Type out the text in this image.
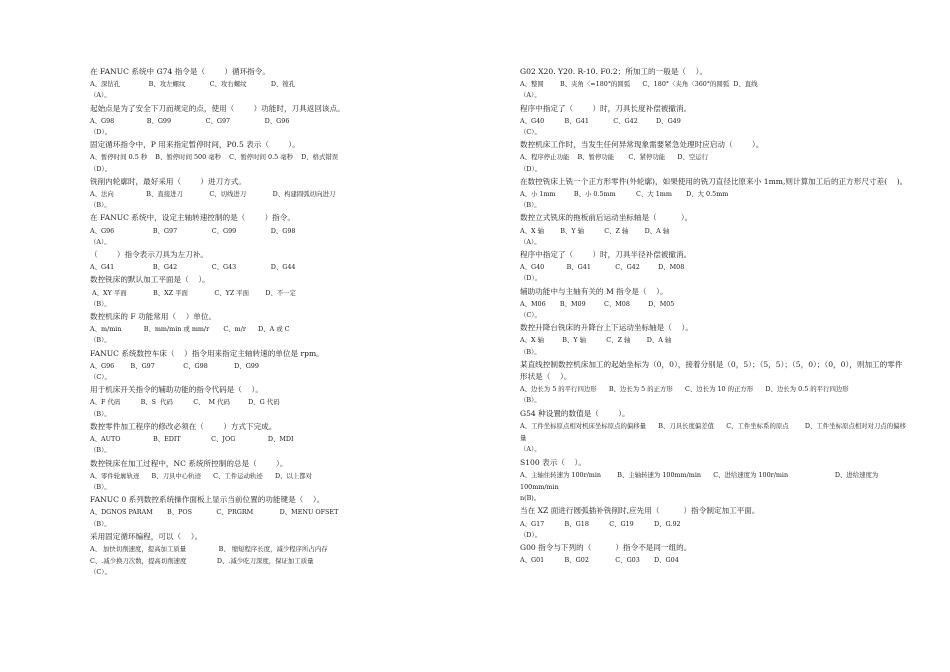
在 FANUC 系统中 G74 指令是（        ）循环指令。
A、深钻孔              B、攻左螺纹            C、攻右螺纹            D、镗孔
（A）。
起始点是为了安全下刀而规定的点，使用（        ）功能时，刀具返回该点。
A、G98                B、G99                 C、G97                 D、G96
（D）。
固定循环指令中，P 用来指定暂停时间，P0.5 表示（        ）。
A、暂停时间 0.5 秒    B、暂停时间 500 毫秒    C、暂停时间 0.5 毫秒    D、格式错误
（D）。
铣削内轮廓时，最好采用（        ）进刀方式。
A、法向                B、直接进刀             C、切线进刀             D、构建圆弧切向进刀
（B）。
在 FANUC 系统中，设定主轴转速控制的是（        ）指令。
A、G96                   B、G97                 C、G99                 D、G98
（A）。
（        ）指令表示刀具为左刀补。
A、G41                   B、G42                 C、G43                 D、G44
数控铣床的默认加工平面是（    ）。
A、XY 平面             B、XZ 平面             C、YZ 平面        D、不一定
（B）。
数控机床的 F 功能常用（    ）单位。
A、m/min           B、mm/min 或 mm/r       C、m/r      D、A 或 C
（B）。
FANUC 系统数控车床（    ）指令用来指定主轴转速的单位是 rpm。
A、G96        B、G97              C、G98             D、G99
（C）。
用于机床开关指令的辅助功能的指令代码是（    ）。
A、F 代码          B、S  代码          C、  M 代码         D、G 代码
（B）。
数控零件加工程序的修改必须在（        ）方式下完成。
A、AUTO                B、EDIT               C、JOG                D、MDI
（B）。
数控铣床在加工过程中，NC 系统所控制的总是（        ）。
A、零件轮廓轨迹      B、刀具中心轨迹      C、工件运动轨迹      D、以上都对
（B）。
FANUC 0 系列数控系统操作面板上显示当前位置的功能键是（    ）。
A、DGNOS PARAM       B、POS            C、PRGRM             D、MENU OFSET
（B）。
采用固定循环编程，可以（    ）。
A、 加快切削速度，提高加工质量                B、 缩短程序长度，减少程序所占内存
C、.减少换刀次数，提高切削速度               D、.减少吃刀深度，保证加工质量
（C）。
G02 X20. Y20. R-10. F0.2；所加工的一般是（    ）。
A、整圆        B、夹角〈=180°的圆弧      C、180°〈夹角〈360°的圆弧  D、直线
（A）。
程序中指定了（        ）时，刀具长度补偿被撤消。
A、G40          B、G41            C、G42         D、G49
（C）。
数控机床工作时，当发生任何异常现象需要紧急处理时应启动（        ）。
A、程序停止功能    B、暂停功能       C、紧停功能      D、空运行
（D）。
在数控铣床上铣一个正方形零件(外轮廓)，如果使用的铣刀直径比原来小 1mm,则计算加工后的正方形尺寸差(    )。
A、小 1mm         B、小 0.5mm          C、大 1mm       D、大 0.5mm
（B）。
数控立式铣床的拖板前后运动坐标轴是（          ）。
A、X 轴        B、Y 轴          C、Z 轴        D、A 轴
（A）。
程序中指定了（        ）时，刀具半径补偿被撤消。
A、G40           B、G41            C、G42         D、M08
（D）。
辅助功能中与主轴有关的 M 指令是（    ）。
A、M06       B、M09         C、M08         D、M05
（C）。
数控升降台铣床的升降台上下运动坐标轴是（    ）。
A、X 轴         B、Y 轴          C、Z 轴        D、A 轴
（B）。
某直线控制数控机床加工的起始坐标为（0，0），接着分别是（0，5）；（5，5）；（5，0）；（0，0），则加工的零件形状是（    ）。
A、边长为 5 的平行四边形      B、边长为 5 的正方形      C、边长为 10 的正方形      D、边长为 0.5 的平行四边形
（B）。
G54 种设置的数值是（        ）。
A、工件坐标原点相对机床坐标原点的偏移量      B、刀具长度偏差值      C、工件坐标系的原点        D、工件坐标原点相对对刀点的偏移量
（A）。
S100 表示（    ）。
A、主轴住转速为 100r/min        B、主轴转速为 100mm/min      C、进给速度为 100r/min                       D、进给速度为 100mm/min
n(B)。
当在 XZ 面进行圆弧插补铣削时,应先用（          ）指令制定加工平面。
A、G17          B、G18          C、G19          D、G.92
（D）。
G00 指令与下列的（          ）指令不是同一组的。
A、G01          B、G02             C、G03       D、G04
